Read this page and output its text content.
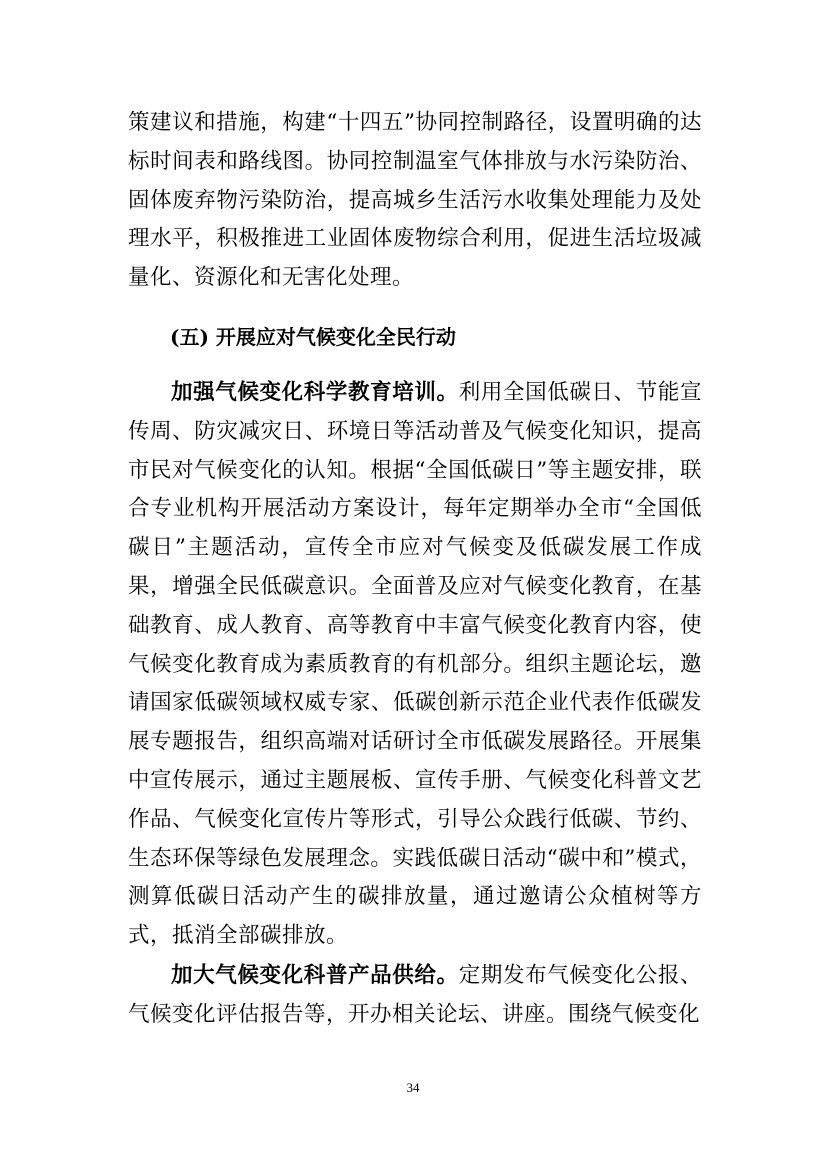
策建议和措施，构建“十四五”协同控制路径，设置明确的达标时间表和路线图。协同控制温室气体排放与水污染防治、固体废弃物污染防治，提高城乡生活污水收集处理能力及处理水平，积极推进工业固体废物综合利用，促进生活垃圾减量化、资源化和无害化处理。

(五) 开展应对气候变化全民行动

加强气候变化科学教育培训。利用全国低碳日、节能宣传周、防灾减灾日、环境日等活动普及气候变化知识，提高市民对气候变化的认知。根据“全国低碳日”等主题安排，联合专业机构开展活动方案设计，每年定期举办全市“全国低碳日”主题活动，宣传全市应对气候变及低碳发展工作成果，增强全民低碳意识。全面普及应对气候变化教育，在基础教育、成人教育、高等教育中丰富气候变化教育内容，使气候变化教育成为素质教育的有机部分。组织主题论坛，邀请国家低碳领域权威专家、低碳创新示范企业代表作低碳发展专题报告，组织高端对话研讨全市低碳发展路径。开展集中宣传展示，通过主题展板、宣传手册、气候变化科普文艺作品、气候变化宣传片等形式，引导公众践行低碳、节约、生态环保等绿色发展理念。实践低碳日活动“碳中和”模式，测算低碳日活动产生的碳排放量，通过邀请公众植树等方式，抵消全部碳排放。

加大气候变化科普产品供给。定期发布气候变化公报、气候变化评估报告等，开办相关论坛、讲座。围绕气候变化

34
